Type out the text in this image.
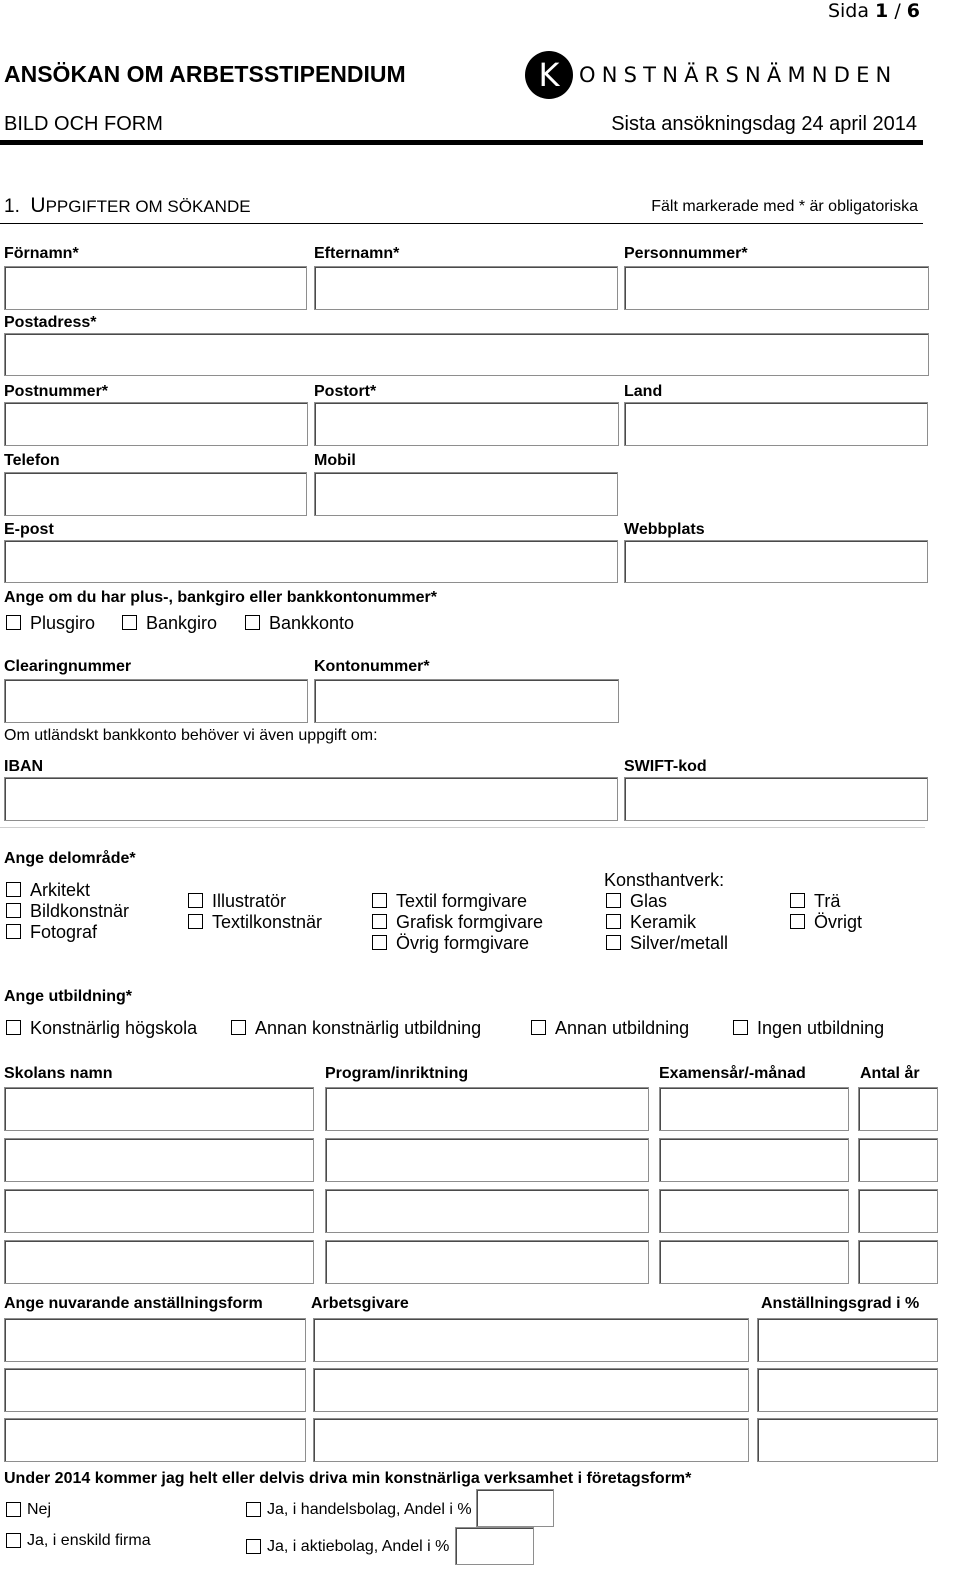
Sida 1 / 6
ANSÖKAN OM ARBETSSTIPENDIUM
BILD OCH FORM	Sista ansökningsdag 24 april 2014
K ONSTNÄRSNÄMNDEN
1. UPPGIFTER OM SÖKANDE	Fält markerade med * är obligatoriska
Förnamn*	Efternamn*	Personnummer*
Postadress*
Postnummer*	Postort*	Land
Telefon	Mobil
E-post	Webbplats
Ange om du har plus-, bankgiro eller bankkontonummer*
Plusgiro	Bankgiro	Bankkonto
Clearingnummer	Kontonummer*
Om utländskt bankkonto behöver vi även uppgift om:
IBAN	SWIFT-kod
Ange delområde*
Arkitekt
Bildkonstnär
Fotograf
Illustratör
Textilkonstnär
Textil formgivare
Grafisk formgivare
Övrig formgivare
Konsthantverk:
Glas
Keramik
Silver/metall
Trä
Övrigt
Ange utbildning*
Konstnärlig högskola	Annan konstnärlig utbildning	Annan utbildning	Ingen utbildning
Skolans namn	Program/inriktning	Examensår/-månad	Antal år
Ange nuvarande anställningsform	Arbetsgivare	Anställningsgrad i %
Under 2014 kommer jag helt eller delvis driva min konstnärliga verksamhet i företagsform*
Nej
Ja, i enskild firma
Ja, i handelsbolag, Andel i %
Ja, i aktiebolag, Andel i %
